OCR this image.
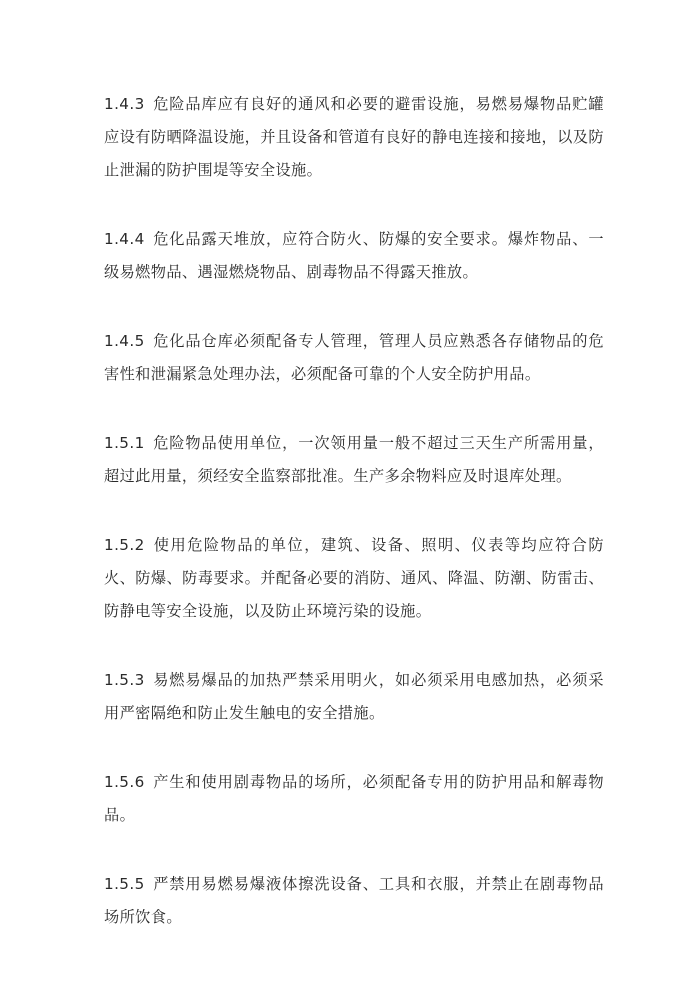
1.4.3 危险品库应有良好的通风和必要的避雷设施，易燃易爆物品贮罐应设有防晒降温设施，并且设备和管道有良好的静电连接和接地，以及防止泄漏的防护围堤等安全设施。

1.4.4 危化品露天堆放，应符合防火、防爆的安全要求。爆炸物品、一级易燃物品、遇湿燃烧物品、剧毒物品不得露天推放。

1.4.5 危化品仓库必须配备专人管理，管理人员应熟悉各存储物品的危害性和泄漏紧急处理办法，必须配备可靠的个人安全防护用品。

1.5.1 危险物品使用单位，一次领用量一般不超过三天生产所需用量，超过此用量，须经安全监察部批准。生产多余物料应及时退库处理。

1.5.2 使用危险物品的单位，建筑、设备、照明、仪表等均应符合防火、防爆、防毒要求。并配备必要的消防、通风、降温、防潮、防雷击、防静电等安全设施，以及防止环境污染的设施。

1.5.3 易燃易爆品的加热严禁采用明火，如必须采用电感加热，必须采用严密隔绝和防止发生触电的安全措施。

1.5.6 产生和使用剧毒物品的场所，必须配备专用的防护用品和解毒物品。

1.5.5 严禁用易燃易爆液体擦洗设备、工具和衣服，并禁止在剧毒物品场所饮食。
